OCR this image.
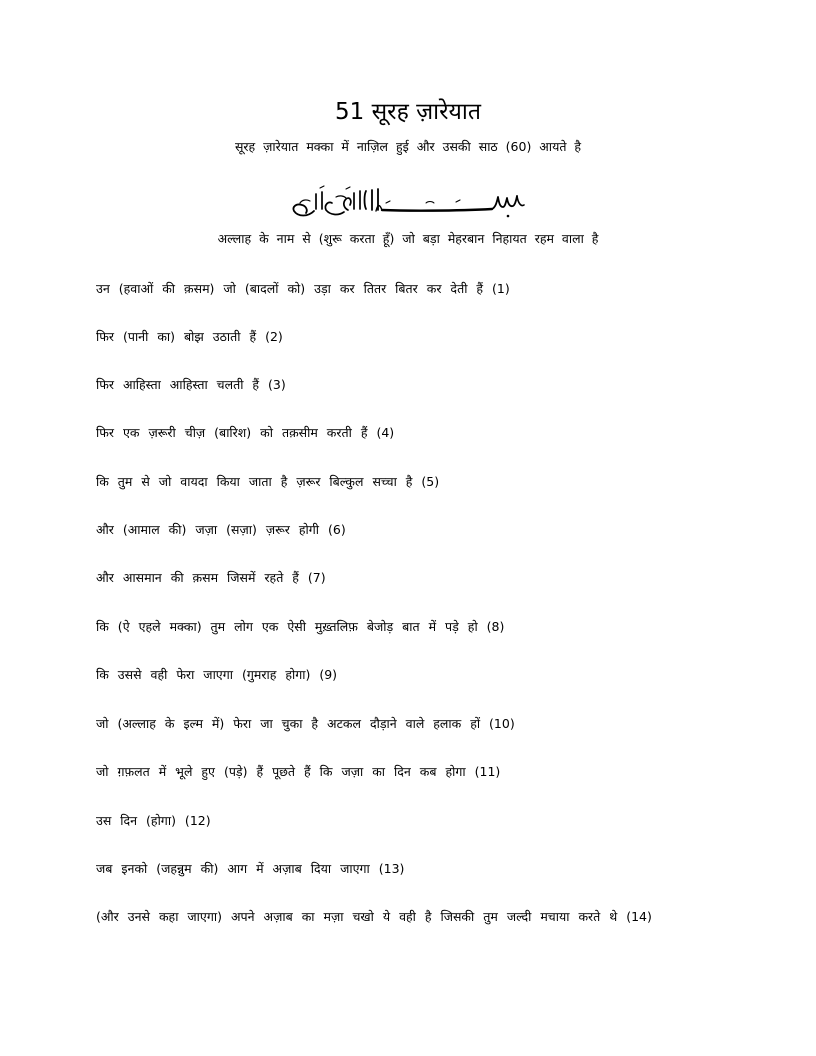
51 सूरह ज़ारेयात
सूरह ज़ारेयात मक्का में नाज़िल हुई और उसकी साठ (60) आयते है
अल्लाह के नाम से (शुरू करता हूँ) जो बड़ा मेहरबान निहायत रहम वाला है
उन (हवाओं की क़सम) जो (बादलों को) उड़ा कर तितर बितर कर देती हैं (1)
फिर (पानी का) बोझ उठाती हैं (2)
फिर आहिस्ता आहिस्ता चलती हैं (3)
फिर एक ज़रूरी चीज़ (बारिश) को तक़सीम करती हैं (4)
कि तुम से जो वायदा किया जाता है ज़रूर बिल्कुल सच्चा है (5)
और (आमाल की) जज़ा (सज़ा) ज़रूर होगी (6)
और आसमान की क़सम जिसमें रहते हैं (7)
कि (ऐ एहले मक्का) तुम लोग एक ऐसी मुख़्तलिफ़ बेजोड़ बात में पड़े हो (8)
कि उससे वही फेरा जाएगा (गुमराह होगा) (9)
जो (अल्लाह के इल्म में) फेरा जा चुका है अटकल दौड़ाने वाले हलाक हों (10)
जो ग़फ़लत में भूले हुए (पड़े) हैं पूछते हैं कि जज़ा का दिन कब होगा (11)
उस दिन (होगा) (12)
जब इनको (जहन्नुम की) आग में अज़ाब दिया जाएगा (13)
(और उनसे कहा जाएगा) अपने अज़ाब का मज़ा चखो ये वही है जिसकी तुम जल्दी मचाया करते थे (14)
